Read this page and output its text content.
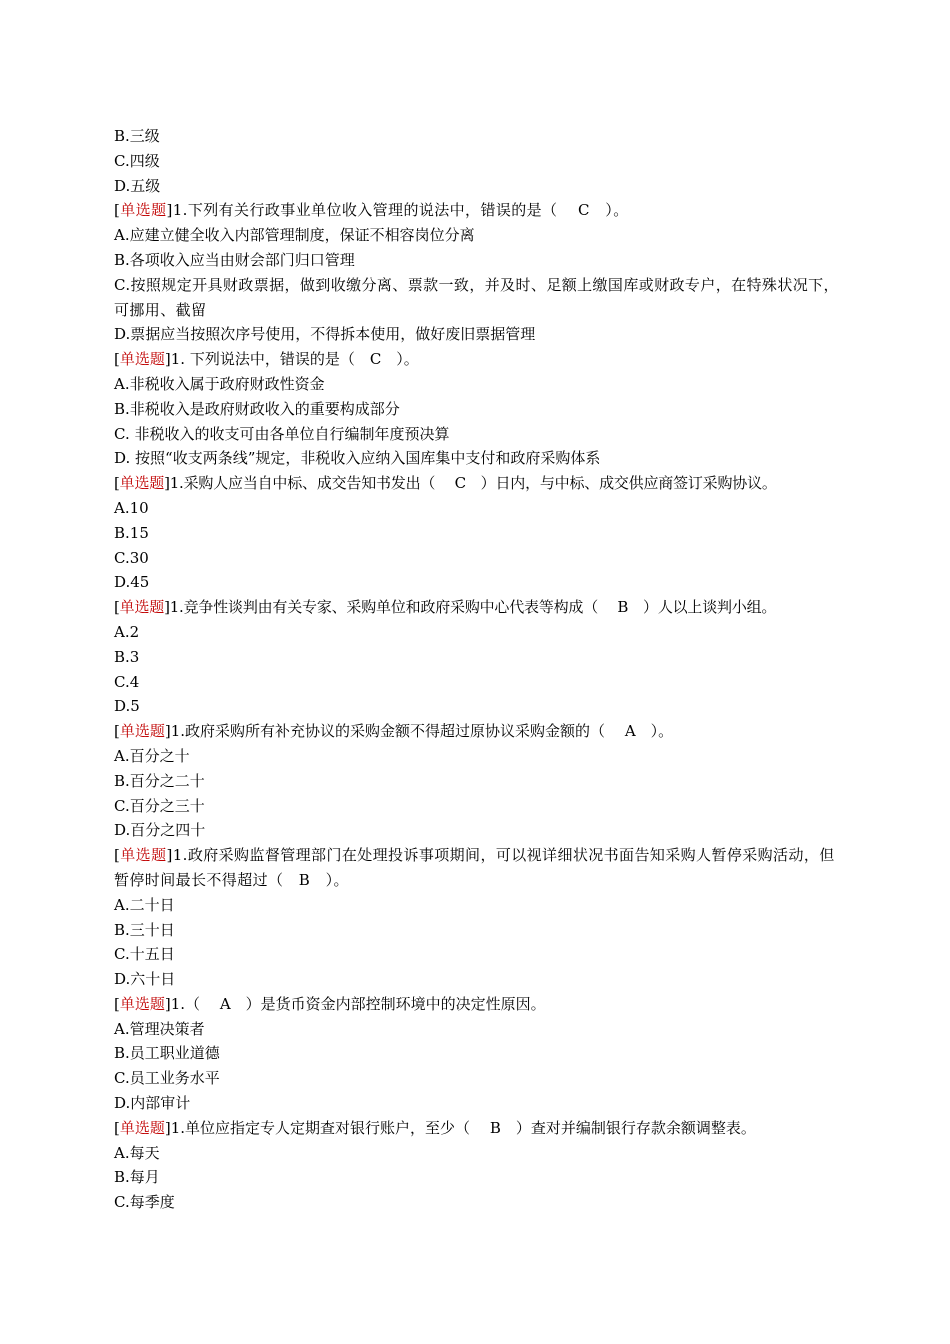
B.三级
C.四级
D.五级
[单选题]1.下列有关行政事业单位收入管理的说法中，错误的是（　 C　）。
A.应建立健全收入内部管理制度，保证不相容岗位分离
B.各项收入应当由财会部门归口管理
C.按照规定开具财政票据，做到收缴分离、票款一致，并及时、足额上缴国库或财政专户，在特殊状况下，可挪用、截留
D.票据应当按照次序号使用，不得拆本使用，做好废旧票据管理
[单选题]1. 下列说法中，错误的是（　C　）。
A.非税收入属于政府财政性资金
B.非税收入是政府财政收入的重要构成部分
C. 非税收入的收支可由各单位自行编制年度预决算
D. 按照“收支两条线”规定，非税收入应纳入国库集中支付和政府采购体系
[单选题]1.采购人应当自中标、成交告知书发出（　 C　）日内，与中标、成交供应商签订采购协议。
A.10
B.15
C.30
D.45
[单选题]1.竞争性谈判由有关专家、采购单位和政府采购中心代表等构成（　 B　）人以上谈判小组。
A.2
B.3
C.4
D.5
[单选题]1.政府采购所有补充协议的采购金额不得超过原协议采购金额的（　 A　）。
A.百分之十
B.百分之二十
C.百分之三十
D.百分之四十
[单选题]1.政府采购监督管理部门在处理投诉事项期间，可以视详细状况书面告知采购人暂停采购活动，但暂停时间最长不得超过（　B　）。
A.二十日
B.三十日
C.十五日
D.六十日
[单选题]1.（　 A　）是货币资金内部控制环境中的决定性原因。
A.管理决策者
B.员工职业道德
C.员工业务水平
D.内部审计
[单选题]1.单位应指定专人定期查对银行账户，至少（　 B　）查对并编制银行存款余额调整表。
A.每天
B.每月
C.每季度
